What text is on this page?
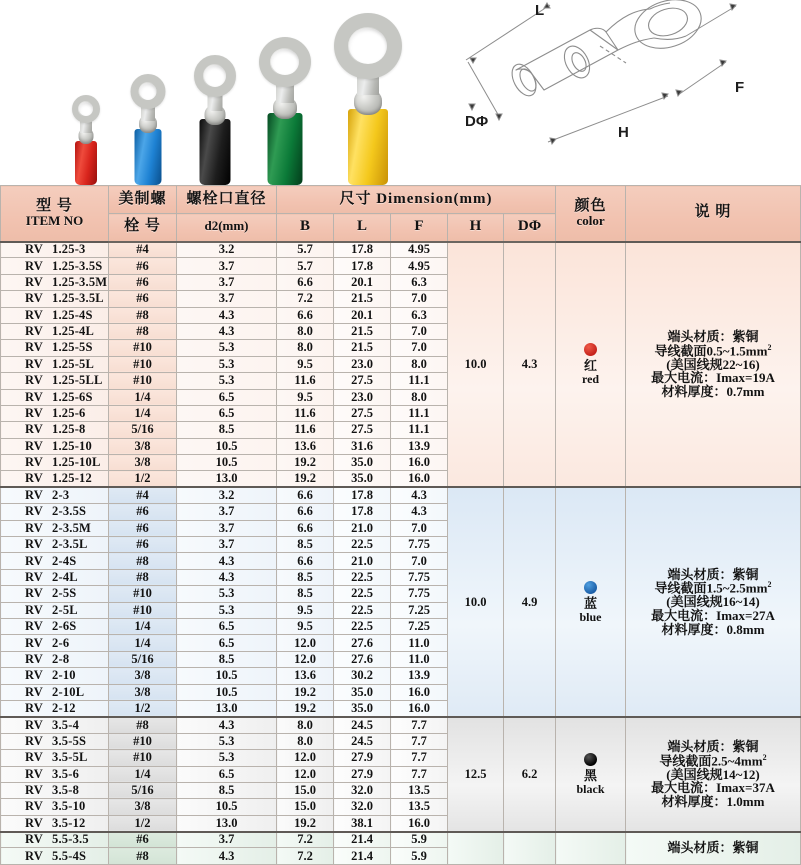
L
DΦ
H
F
型 号
ITEM NO
	美制螺	螺栓口直径	尺寸 Dimension(mm)	颜色
color
	说 明
	栓 号	d2(mm)	B	L	F	H	DΦ		
RV 1.25-3	#4	3.2	5.7	17.8	4.95	10.0	4.3	红
red

端头材质：紫铜
导线截面$0.5\sim 1.5mm^2$
(美国线规22~16)
最大电流：Imax=19A
材料厚度：0.7mm

RV 1.25-3.5S	#6	3.7	5.7	17.8	4.95				
RV 1.25-3.5M	#6	3.7	6.6	20.1	6.3				
RV 1.25-3.5L	#6	3.7	7.2	21.5	7.0				
RV 1.25-4S	#8	4.3	6.6	20.1	6.3				
RV 1.25-4L	#8	4.3	8.0	21.5	7.0				
RV 1.25-5S	#10	5.3	8.0	21.5	7.0				
RV 1.25-5L	#10	5.3	9.5	23.0	8.0				
RV 1.25-5LL	#10	5.3	11.6	27.5	11.1				
RV 1.25-6S	1/4	6.5	9.5	23.0	8.0				
RV 1.25-6	1/4	6.5	11.6	27.5	11.1				
RV 1.25-8	5/16	8.5	11.6	27.5	11.1				
RV 1.25-10	3/8	10.5	13.6	31.6	13.9				
RV 1.25-10L	3/8	10.5	19.2	35.0	16.0				
RV 1.25-12	1/2	13.0	19.2	35.0	16.0				
RV 2-3	#4	3.2	6.6	17.8	4.3	10.0	4.9	蓝
blue

端头材质：紫铜
导线截面$1.5\sim 2.5mm^2$
(美国线规16~14)
最大电流：Imax=27A
材料厚度：0.8mm

RV 2-3.5S	#6	3.7	6.6	17.8	4.3				
RV 2-3.5M	#6	3.7	6.6	21.0	7.0				
RV 2-3.5L	#6	3.7	8.5	22.5	7.75				
RV 2-4S	#8	4.3	6.6	21.0	7.0				
RV 2-4L	#8	4.3	8.5	22.5	7.75				
RV 2-5S	#10	5.3	8.5	22.5	7.75				
RV 2-5L	#10	5.3	9.5	22.5	7.25				
RV 2-6S	1/4	6.5	9.5	22.5	7.25				
RV 2-6	1/4	6.5	12.0	27.6	11.0				
RV 2-8	5/16	8.5	12.0	27.6	11.0				
RV 2-10	3/8	10.5	13.6	30.2	13.9				
RV 2-10L	3/8	10.5	19.2	35.0	16.0				
RV 2-12	1/2	13.0	19.2	35.0	16.0				
RV 3.5-4	#8	4.3	8.0	24.5	7.7	12.5	6.2	黑
black

端头材质：紫铜
导线截面$2.5\sim 4mm^2$
(美国线规14~12)
最大电流：Imax=37A
材料厚度：1.0mm

RV 3.5-5S	#10	5.3	8.0	24.5	7.7				
RV 3.5-5L	#10	5.3	12.0	27.9	7.7				
RV 3.5-6	1/4	6.5	12.0	27.9	7.7				
RV 3.5-8	5/16	8.5	15.0	32.0	13.5				
RV 3.5-10	3/8	10.5	15.0	32.0	13.5				
RV 3.5-12	1/2	13.0	19.2	38.1	16.0				
RV 5.5-3.5	#6	3.7	7.2	21.4	5.9				端头材质：紫铜

RV 5.5-4S	#8	4.3	7.2	21.4	5.9				
